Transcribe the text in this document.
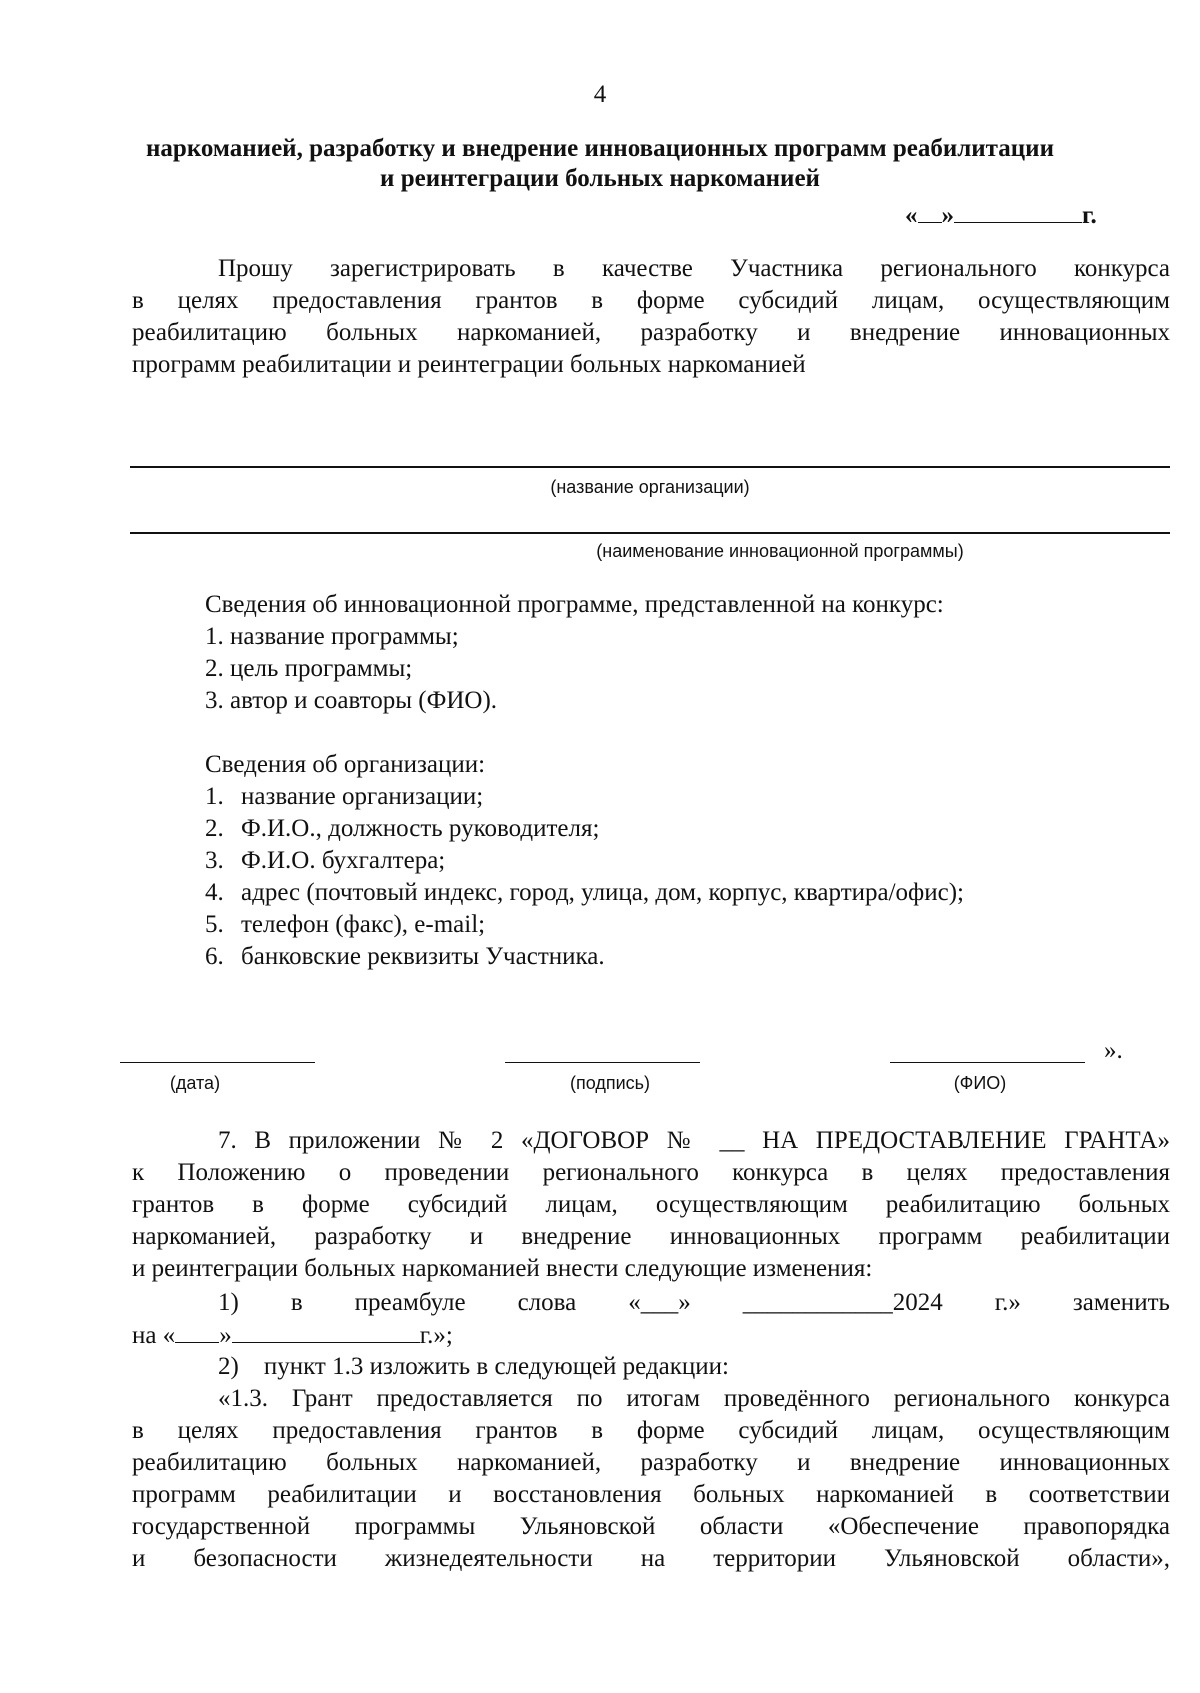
4
наркоманией, разработку и внедрение инновационных программ реабилитации
и реинтеграции больных наркоманией
« »	г.
Прошу зарегистрировать в качестве Участника регионального конкурса
в целях предоставления грантов в форме субсидий лицам, осуществляющим
реабилитацию больных наркоманией, разработку и внедрение инновационных
программ реабилитации и реинтеграции больных наркоманией
(название организации)
(наименование инновационной программы)
Сведения об инновационной программе, представленной на конкурс:
1. название программы;
2. цель программы;
3. автор и соавторы (ФИО).
Сведения об организации:
1. название организации;
2. Ф.И.О., должность руководителя;
3. Ф.И.О. бухгалтера;
4. адрес (почтовый индекс, город, улица, дом, корпус, квартира/офис);
5. телефон (факс), e-mail;
6. банковские реквизиты Участника.
».
(дата)	(подпись)	(ФИО)
7. В приложении № 2 «ДОГОВОР № __ НА ПРЕДОСТАВЛЕНИЕ ГРАНТА»
к Положению о проведении регионального конкурса в целях предоставления
грантов в форме субсидий лицам, осуществляющим реабилитацию больных
наркоманией, разработку и внедрение инновационных программ реабилитации
и реинтеграции больных наркоманией внести следующие изменения:
1) в преамбуле слова «___» ____________2024 г.» заменить
на « »	г.»;
2)    пункт 1.3 изложить в следующей редакции:
«1.3. Грант предоставляется по итогам проведённого регионального конкурса
в целях предоставления грантов в форме субсидий лицам, осуществляющим
реабилитацию больных наркоманией, разработку и внедрение инновационных
программ реабилитации и восстановления больных наркоманией в соответствии
государственной программы Ульяновской области «Обеспечение правопорядка
и безопасности жизнедеятельности на территории Ульяновской области»,
